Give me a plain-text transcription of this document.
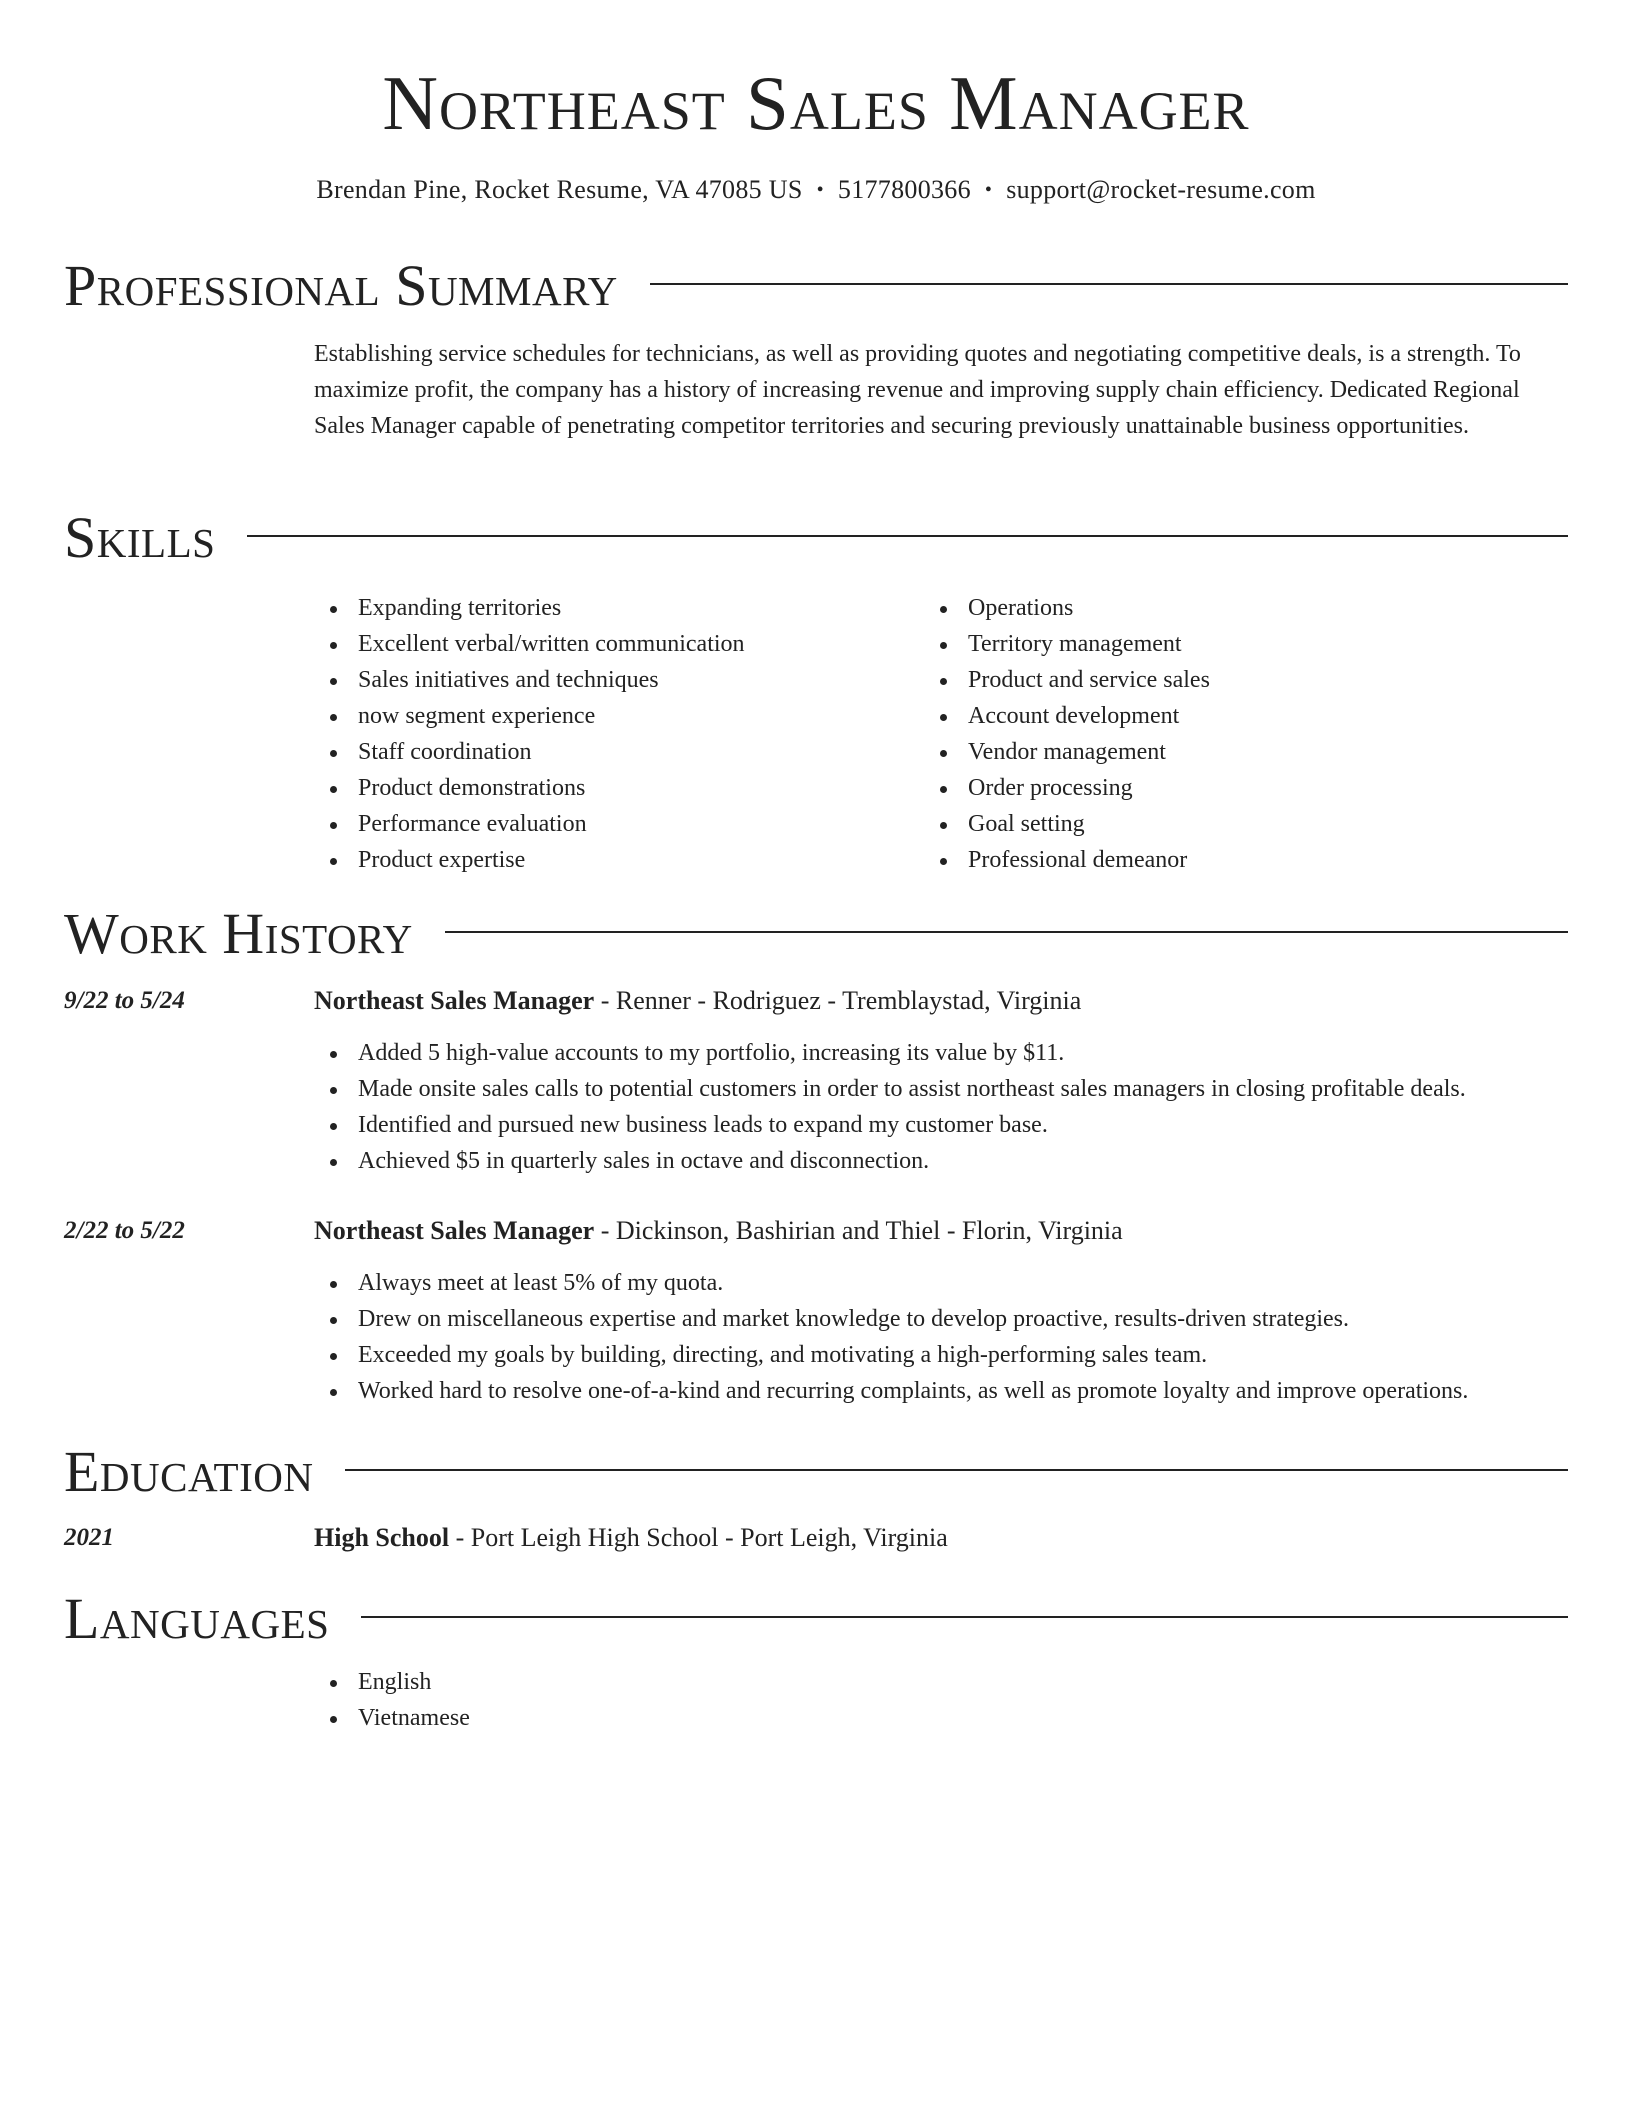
Northeast Sales Manager
Brendan Pine, Rocket Resume, VA 47085 US • 5177800366 • support@rocket-resume.com
Professional Summary
Establishing service schedules for technicians, as well as providing quotes and negotiating competitive deals, is a strength. To maximize profit, the company has a history of increasing revenue and improving supply chain efficiency. Dedicated Regional Sales Manager capable of penetrating competitor territories and securing previously unattainable business opportunities.
Skills
Expanding territories
Excellent verbal/written communication
Sales initiatives and techniques
now segment experience
Staff coordination
Product demonstrations
Performance evaluation
Product expertise
Operations
Territory management
Product and service sales
Account development
Vendor management
Order processing
Goal setting
Professional demeanor
Work History
9/22 to 5/24	Northeast Sales Manager - Renner - Rodriguez - Tremblaystad, Virginia
Added 5 high-value accounts to my portfolio, increasing its value by $11.
Made onsite sales calls to potential customers in order to assist northeast sales managers in closing profitable deals.
Identified and pursued new business leads to expand my customer base.
Achieved $5 in quarterly sales in octave and disconnection.
2/22 to 5/22	Northeast Sales Manager - Dickinson, Bashirian and Thiel - Florin, Virginia
Always meet at least 5% of my quota.
Drew on miscellaneous expertise and market knowledge to develop proactive, results-driven strategies.
Exceeded my goals by building, directing, and motivating a high-performing sales team.
Worked hard to resolve one-of-a-kind and recurring complaints, as well as promote loyalty and improve operations.
Education
2021	High School - Port Leigh High School - Port Leigh, Virginia
Languages
English
Vietnamese
